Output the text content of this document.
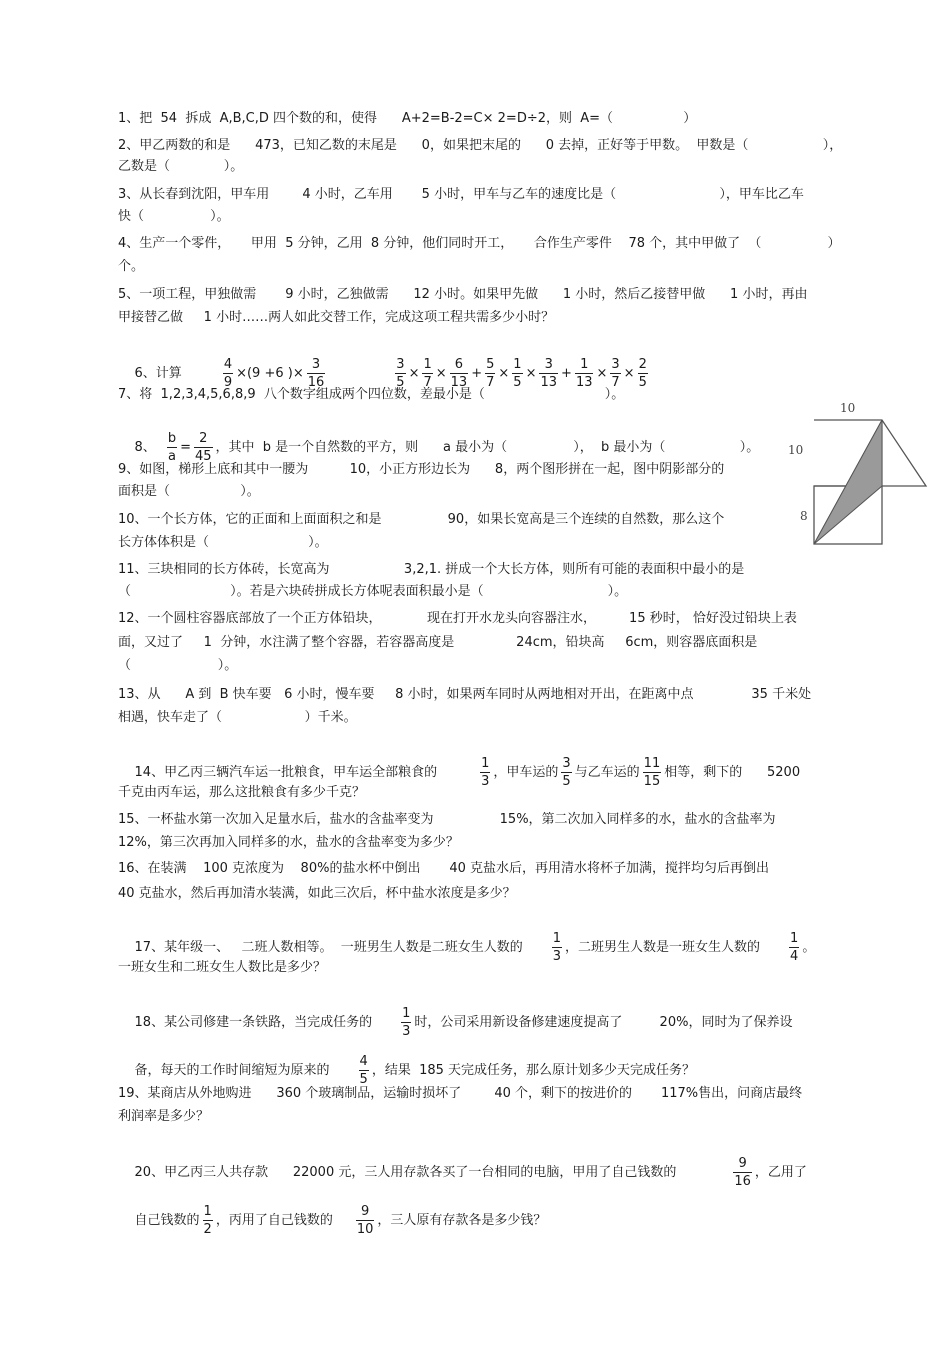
1、把  54  拆成  A,B,C,D 四个数的和，使得      A+2=B-2=C× 2=D÷2，则  A=（                 ）
2、甲乙两数的和是      473，已知乙数的末尾是      0，如果把末尾的      0 去掉，正好等于甲数。  甲数是（                  ），
乙数是（             ）。
3、从长春到沈阳，甲车用        4 小时，乙车用       5 小时，甲车与乙车的速度比是（                         ），甲车比乙车
快（                ）。
4、生产一个零件，     甲用  5 分钟，乙用  8 分钟，他们同时开工，     合作生产零件    78 个，其中甲做了  （                ）
个。
5、一项工程，甲独做需       9 小时，乙独做需      12 小时。如果甲先做      1 小时，然后乙接替甲做      1 小时，再由
甲接替乙做     1 小时……两人如此交替工作，完成这项工程共需多少小时？
7、将  1,2,3,4,5,6,8,9  八个数字组成两个四位数，差最小是（                             ）。
9、如图，梯形上底和其中一腰为          10，小正方形边长为      8，两个图形拼在一起，图中阴影部分的
面积是（                 ）。
10、一个长方体，它的正面和上面面积之和是                90，如果长宽高是三个连续的自然数，那么这个
长方体体积是（                        ）。
11、三块相同的长方体砖，长宽高为                  3,2,1. 拼成一个大长方体，则所有可能的表面积中最小的是
（                        ）。若是六块砖拼成长方体呢表面积最小是（                              ）。
12、一个圆柱容器底部放了一个正方体铅块，           现在打开水龙头向容器注水，        15 秒时， 恰好没过铅块上表
面，又过了     1  分钟，水注满了整个容器，若容器高度是               24cm，铅块高     6cm，则容器底面积是
（                     ）。
13、从      A 到  B 快车要   6 小时，慢车要     8 小时，如果两车同时从两地相对开出，在距离中点              35 千米处
相遇，快车走了（                    ）千米。
千克由丙车运，那么这批粮食有多少千克？
15、一杯盐水第一次加入足量水后，盐水的含盐率变为                15%，第二次加入同样多的水，盐水的含盐率为
12%，第三次再加入同样多的水，盐水的含盐率变为多少？
16、在装满    100 克浓度为    80%的盐水杯中倒出       40 克盐水后，再用清水将杯子加满，搅拌均匀后再倒出
40 克盐水，然后再加清水装满，如此三次后，杯中盐水浓度是多少？
一班女生和二班女生人数比是多少？
19、某商店从外地购进      360 个玻璃制品，运输时损坏了        40 个，剩下的按进价的       117%售出，问商店最终
利润率是多少？

6、计算	$\frac{4}{9} \times(9 +6$ )× $\frac{3}{16}$	$\frac{3}{5} \times \frac{1}{7} \times \frac{6}{13} + \frac{5}{7} \times \frac{1}{5} \times \frac{3}{13} + \frac{1}{13} \times \frac{3}{7} \times \frac{2}{5}$

8、 $\frac{b}{a} = \frac{2}{45}$ ，其中  b 是一个自然数的平方，则      a 最小为（                ），  b 最小为（                  ）。

14、甲乙丙三辆汽车运一批粮食，甲车运全部粮食的	$\frac{1}{3}$ ，甲车运的 $\frac{3}{5}$ 与乙车运的 $\frac{11}{15}$ 相等，剩下的      5200

17、某年级一、   二班人数相等。  一班男生人数是二班女生人数的 $\frac{1}{3}$ ，二班男生人数是一班女生人数的 $\frac{1}{4}$ 。

18、某公司修建一条铁路，当完成任务的 $\frac{1}{3}$ 时，公司采用新设备修建速度提高了         20%，同时为了保养设

备，每天的工作时间缩短为原来的 $\frac{4}{5}$ ，结果  185 天完成任务，那么原计划多少天完成任务？

20、甲乙丙三人共存款      22000 元，三人用存款各买了一台相同的电脑，甲用了自己钱数的	$\frac{9}{16}$ ，乙用了

自己钱数的 $\frac{1}{2}$ ，丙用了自己钱数的 $\frac{9}{10}$ ，三人原有存款各是多少钱？

10
10
8
